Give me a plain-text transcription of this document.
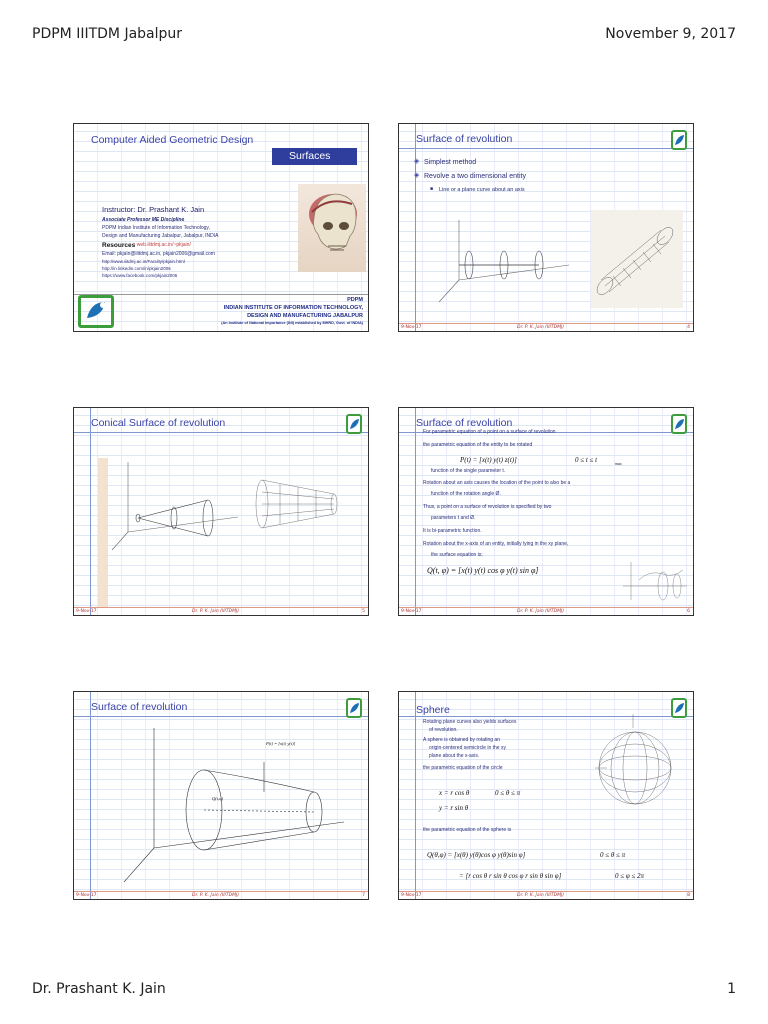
PDPM IIITDM Jabalpur	November 9, 2017
Computer Aided Geometric Design
Surfaces
Instructor: Dr. Prashant K. Jain
Associate Professor ME Discipline
PDPM Indian Institute of Information Technology,
Design and Manufacturing Jabalpur, Jabalpur, INDIA
Resources
: web.iiitdmj.ac.in/~pkjain/
Email: pkjain@iiitdmj.ac.in, pkjain2006@gmail.com
http://www.iiitdmj.ac.in/Faculty/pkjain.html
http://in.linkedin.com/in/pkjain2006
https://www.facebook.com/pkjain2006
PDPM
INDIAN INSTITUTE OF INFORMATION TECHNOLOGY,
DESIGN AND MANUFACTURING JABALPUR
(An Institute of National Importance (INI) established by MHRD, Govt. of INDIA)
Surface of revolution
◈ Simplest method
◈ Revolve a two dimensional entity
Line or a plane curve about an axis
■
9-Nov-17	Dr. P. K. Jain (IIITDMJ)	4
Conical Surface of revolution
9-Nov-17	Dr. P. K. Jain (IIITDMJ)	5
Surface of revolution
For parametric equation of a point on a surface of revolution
the parametric equation of the entity to be rotated
P(t) = [x(t) y(t) z(t)]	0 ≤ t ≤ t	max
function of the single parameter t.
Rotation about an axis causes the location of the point to also be a
function of the rotation angle Ø.
Thus, a point on a surface of revolution is specified by two
parameters t and Ø.
It is bi-parametric function.
Rotation about the x-axis of an entity, initially lying in the xy plane,
the surface equation is;
Q(t, φ) = [x(t) y(t) cos φ y(t) sin φ]
9-Nov-17	Dr. P. K. Jain (IIITDMJ)	6
Surface of revolution
P(t) = [x(t) y(t)]
Q(t,φ)
9-Nov-17	Dr. P. K. Jain (IIITDMJ)	7
Sphere
Rotating plane curves also yields surfaces
of revolution.
A sphere is obtained by rotating an
origin-centered semicircle in the xy
plane about the x-axis.
the parametric equation of the circle
x = r cos θ	0 ≤ θ ≤ π
y = r sin θ
the parametric equation of the sphere is
Q(θ,φ) = [x(θ) y(θ)cos φ y(θ)sin φ]	0 ≤ θ ≤ π
= [r cos θ r sin θ cos φ r sin θ sin φ]	0 ≤ φ ≤ 2π
9-Nov-17	Dr. P. K. Jain (IIITDMJ)	8
Dr. Prashant K. Jain	1
